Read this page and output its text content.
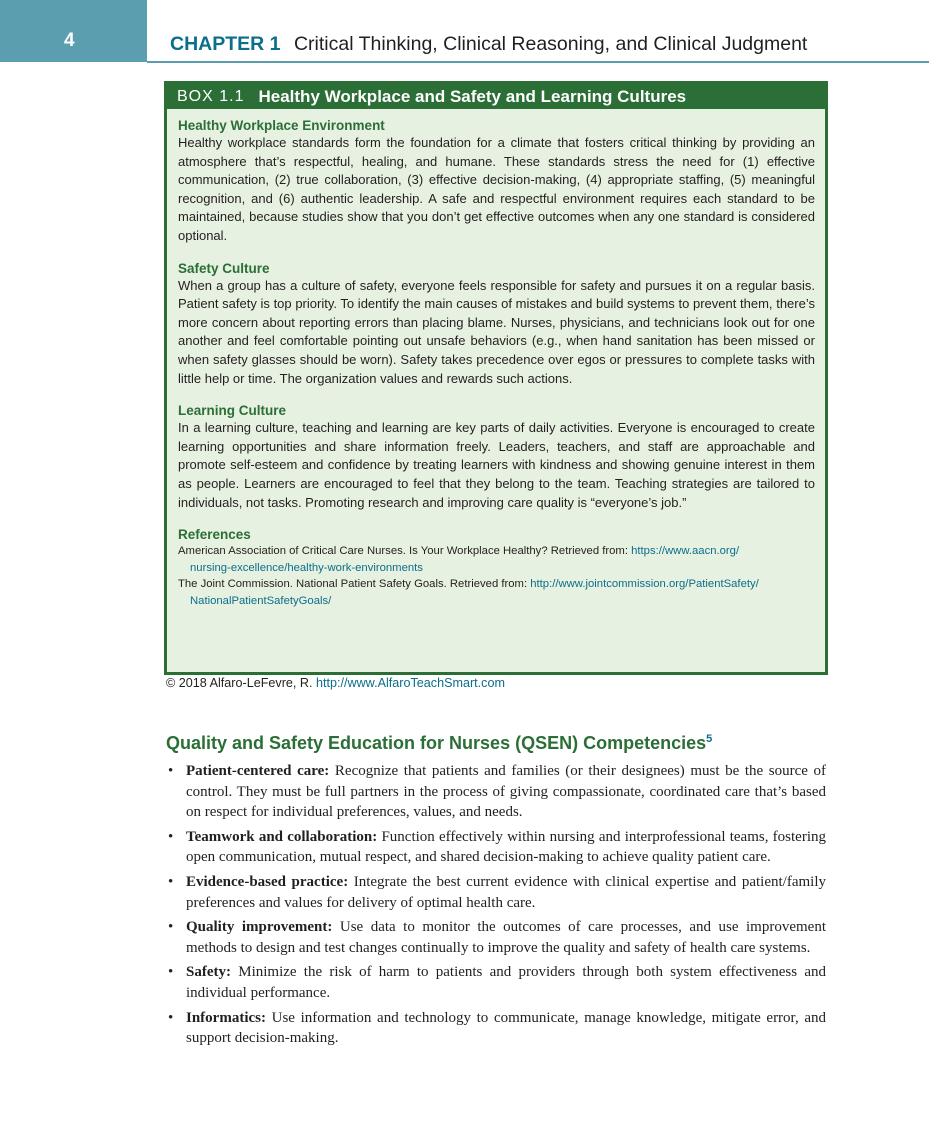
4	CHAPTER 1 Critical Thinking, Clinical Reasoning, and Clinical Judgment
BOX 1.1 Healthy Workplace and Safety and Learning Cultures
Healthy Workplace Environment
Healthy workplace standards form the foundation for a climate that fosters critical thinking by providing an atmosphere that’s respectful, healing, and humane. These standards stress the need for (1) effective communication, (2) true collaboration, (3) effective decision-making, (4) appropriate staffing, (5) meaningful recognition, and (6) authentic leadership. A safe and respectful environment requires each standard to be maintained, because studies show that you don’t get effective outcomes when any one standard is considered optional.
Safety Culture
When a group has a culture of safety, everyone feels responsible for safety and pursues it on a regular basis. Patient safety is top priority. To identify the main causes of mistakes and build systems to prevent them, there’s more concern about reporting errors than placing blame. Nurses, physicians, and technicians look out for one another and feel comfortable pointing out unsafe behaviors (e.g., when hand sanitation has been missed or when safety glasses should be worn). Safety takes precedence over egos or pressures to complete tasks with little help or time. The organization values and rewards such actions.
Learning Culture
In a learning culture, teaching and learning are key parts of daily activities. Everyone is encouraged to create learning opportunities and share information freely. Leaders, teachers, and staff are approachable and promote self-esteem and confidence by treating learners with kindness and showing genuine interest in them as people. Learners are encouraged to feel that they belong to the team. Teaching strategies are tailored to individuals, not tasks. Promoting research and improving care quality is “everyone’s job.”
References
American Association of Critical Care Nurses. Is Your Workplace Healthy? Retrieved from: https://www.aacn.org/
nursing-excellence/healthy-work-environments
The Joint Commission. National Patient Safety Goals. Retrieved from: http://www.jointcommission.org/PatientSafety/
NationalPatientSafetyGoals/
© 2018 Alfaro-LeFevre, R. http://www.AlfaroTeachSmart.com
Quality and Safety Education for Nurses (QSEN) Competencies$^5$
• Patient-centered care: Recognize that patients and families (or their designees) must be the source of control. They must be full partners in the process of giving compassionate, coordinated care that’s based on respect for individual preferences, values, and needs.
• Teamwork and collaboration: Function effectively within nursing and interprofessional teams, fostering open communication, mutual respect, and shared decision-making to achieve quality patient care.
• Evidence-based practice: Integrate the best current evidence with clinical expertise and patient/family preferences and values for delivery of optimal health care.
• Quality improvement: Use data to monitor the outcomes of care processes, and use improvement methods to design and test changes continually to improve the quality and safety of health care systems.
• Safety: Minimize the risk of harm to patients and providers through both system effectiveness and individual performance.
• Informatics: Use information and technology to communicate, manage knowledge, mitigate error, and support decision-making.
